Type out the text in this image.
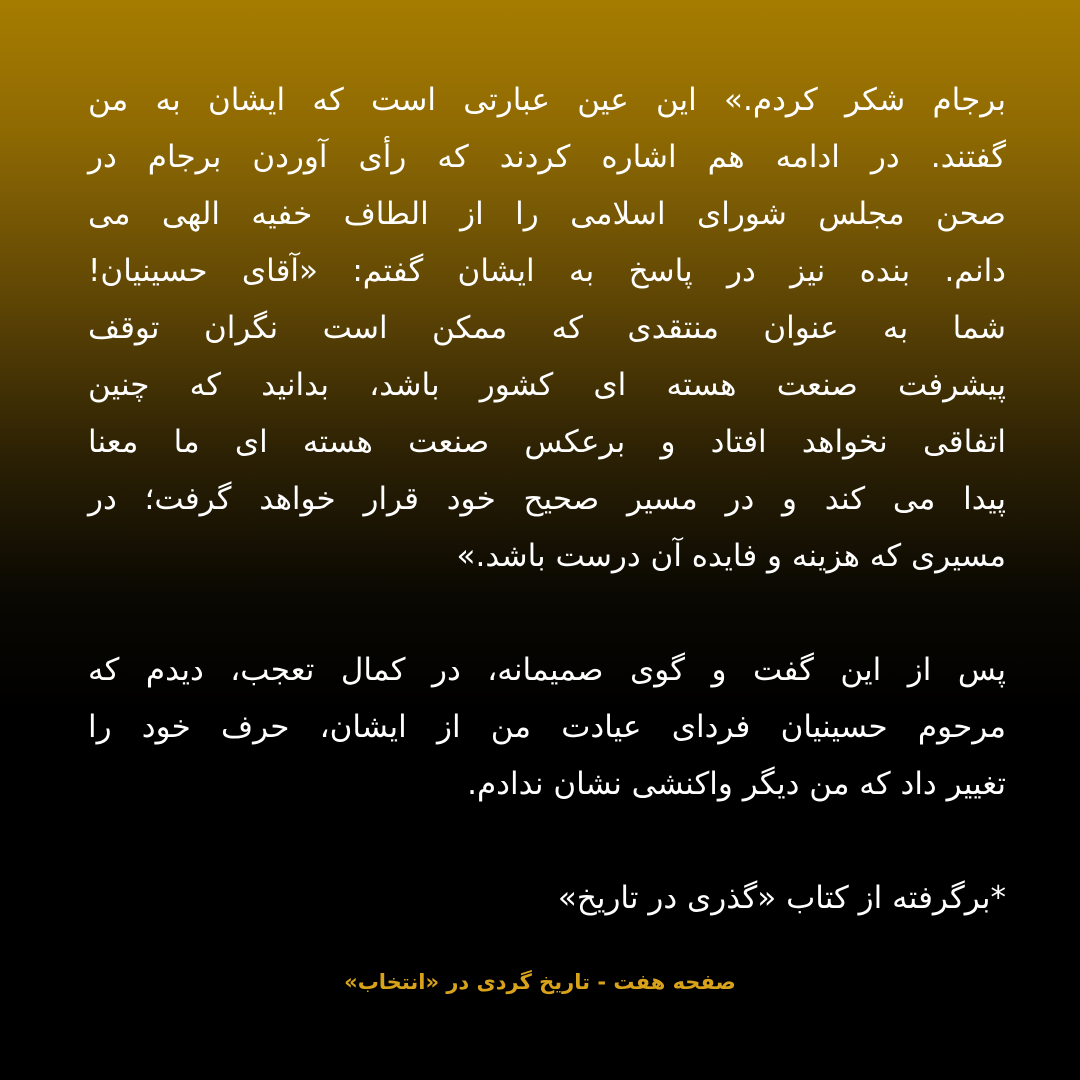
برجام شکر کردم.» این عین عبارتی است که ایشان به من
گفتند. در ادامه هم اشاره کردند که رأی آوردن برجام در
صحن مجلس شورای اسلامی را از الطاف خفیه الهی می
دانم. بنده نیز در پاسخ به ایشان گفتم: «آقای حسینیان!
شما به عنوان منتقدی که ممکن است نگران توقف
پیشرفت صنعت هسته ای کشور باشد، بدانید که چنین
اتفاقی نخواهد افتاد و برعکس صنعت هسته ای ما معنا
پیدا می کند و در مسیر صحیح خود قرار خواهد گرفت؛ در
مسیری که هزینه و فایده آن درست باشد.»
پس از این گفت و گوی صمیمانه، در کمال تعجب، دیدم که
مرحوم حسینیان فردای عیادت من از ایشان، حرف خود را
تغییر داد که من دیگر واکنشی نشان ندادم.
*برگرفته از کتاب «گذری در تاریخ»
صفحه هفت - تاریخ گردی در «انتخاب»
